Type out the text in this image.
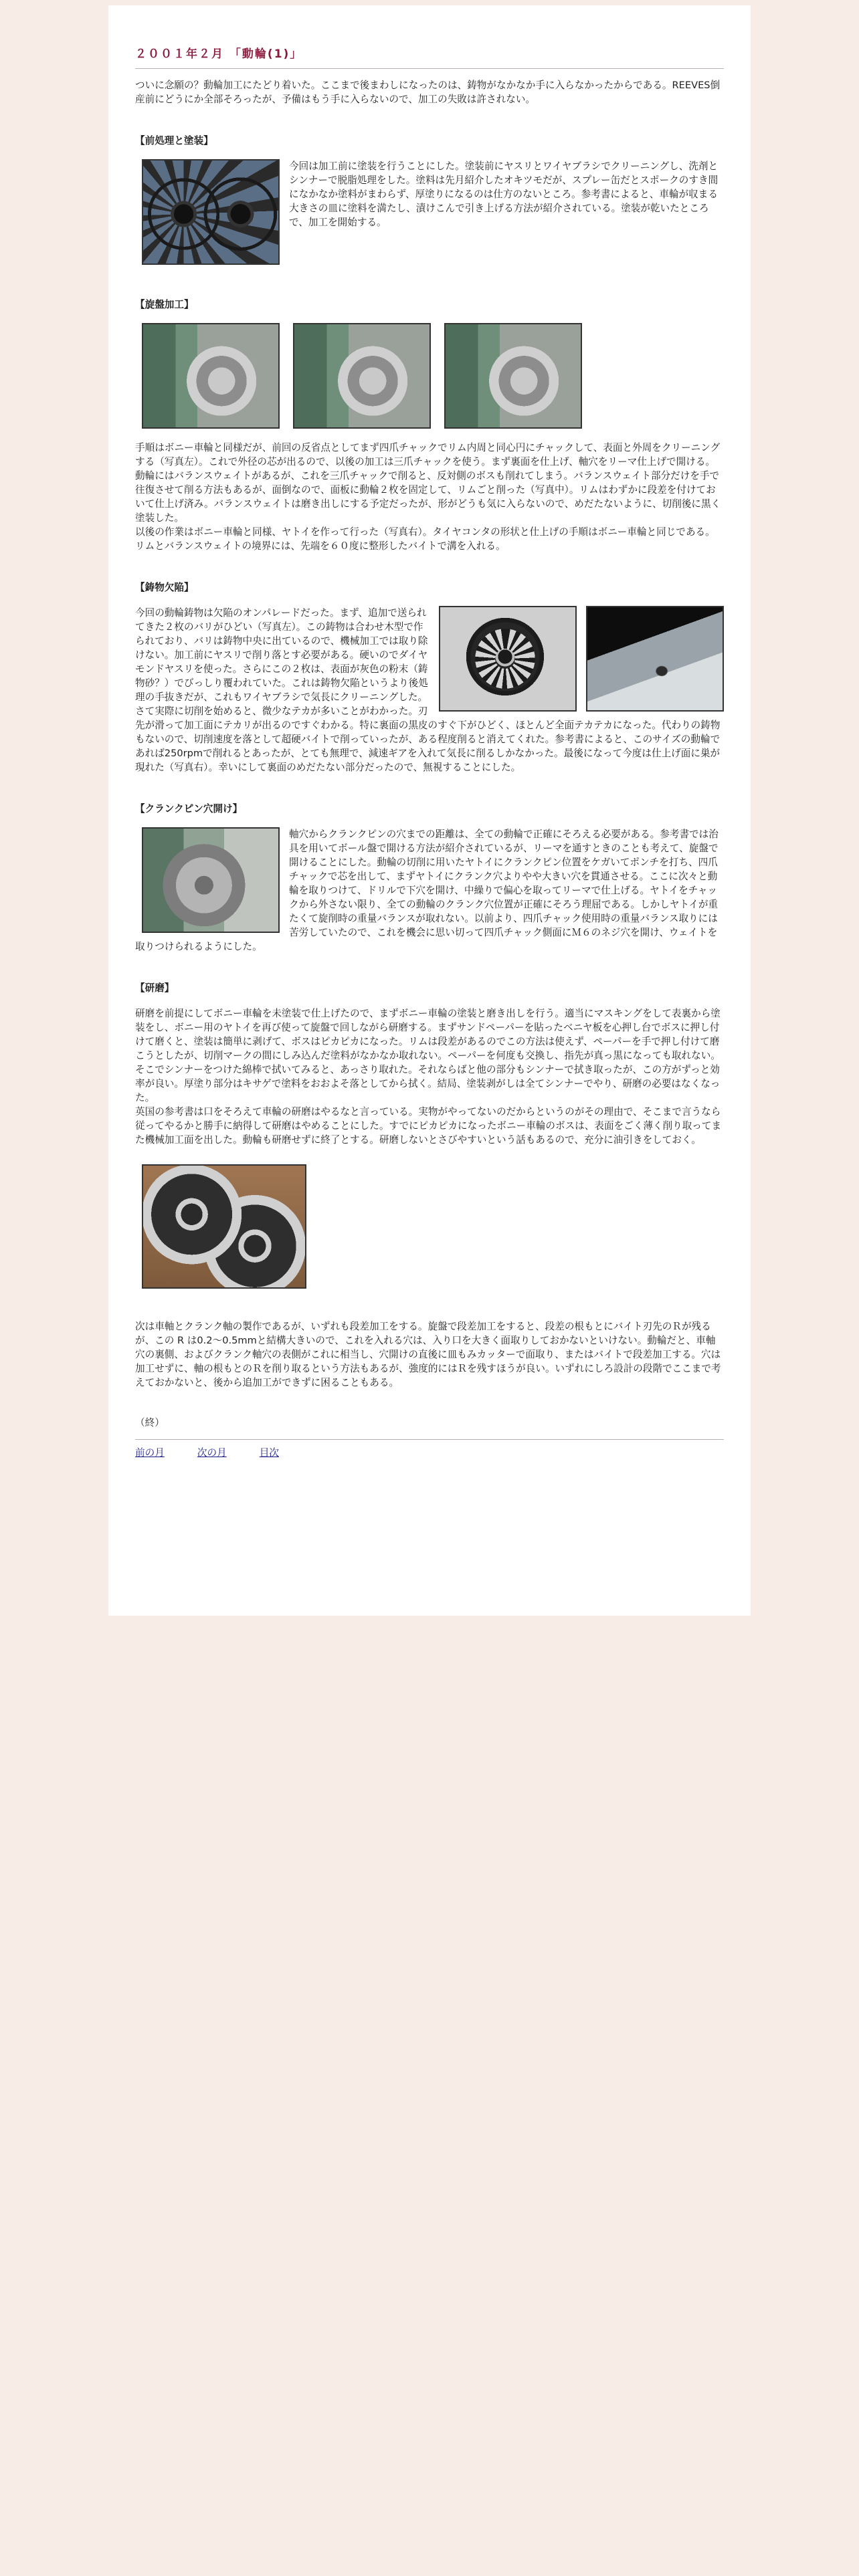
２００１年２月 「動輪(1)」

ついに念願の？動輪加工にたどり着いた。ここまで後まわしになったのは、鋳物がなかなか手に入らなかったからである。REEVES倒産前にどうにか全部そろったが、予備はもう手に入らないので、加工の失敗は許されない。

【前処理と塗装】

今回は加工前に塗装を行うことにした。塗装前にヤスリとワイヤブラシでクリーニングし、洗剤とシンナーで脱脂処理をした。塗料は先月紹介したオキツモだが、スプレー缶だとスポークのすき間になかなか塗料がまわらず、厚塗りになるのは仕方のないところ。参考書によると、車輪が収まる大きさの皿に塗料を満たし、漬けこんで引き上げる方法が紹介されている。塗装が乾いたところで、加工を開始する。

【旋盤加工】

手順はボニー車輪と同様だが、前回の反省点としてまず四爪チャックでリム内周と同心円にチャックして、表面と外周をクリーニングする（写真左）。これで外径の芯が出るので、以後の加工は三爪チャックを使う。まず裏面を仕上げ、軸穴をリーマ仕上げで開ける。
動輪にはバランスウェイトがあるが、これを三爪チャックで削ると、反対側のボスも削れてしまう。バランスウェイト部分だけを手で往復させて削る方法もあるが、面倒なので、面板に動輪２枚を固定して、リムごと削った（写真中）。リムはわずかに段差を付けておいて仕上げ済み。バランスウェイトは磨き出しにする予定だったが、形がどうも気に入らないので、めだたないように、切削後に黒く塗装した。
以後の作業はボニー車輪と同様、ヤトイを作って行った（写真右）。タイヤコンタの形状と仕上げの手順はボニー車輪と同じである。リムとバランスウェイトの境界には、先端を６０度に整形したバイトで溝を入れる。

【鋳物欠陥】

今回の動輪鋳物は欠陥のオンパレードだった。まず、追加で送られてきた２枚のバリがひどい（写真左）。この鋳物は合わせ木型で作られており、バリは鋳物中央に出ているので、機械加工では取り除けない。加工前にヤスリで削り落とす必要がある。硬いのでダイヤモンドヤスリを使った。さらにこの２枚は、表面が灰色の粉末（鋳物砂？）でびっしり覆われていた。これは鋳物欠陥というより後処理の手抜きだが、これもワイヤブラシで気長にクリーニングした。さて実際に切削を始めると、微少なテカが多いことがわかった。刃先が滑って加工面にテカリが出るのですぐわかる。特に裏面の黒皮のすぐ下がひどく、ほとんど全面テカテカになった。代わりの鋳物もないので、切削速度を落として超硬バイトで削っていったが、ある程度削ると消えてくれた。参考書によると、このサイズの動輪であれば250rpmで削れるとあったが、とても無理で、減速ギアを入れて気長に削るしかなかった。最後になって今度は仕上げ面に巣が現れた（写真右）。幸いにして裏面のめだたない部分だったので、無視することにした。

【クランクピン穴開け】

軸穴からクランクピンの穴までの距離は、全ての動輪で正確にそろえる必要がある。参考書では治具を用いてボール盤で開ける方法が紹介されているが、リーマを通すときのことも考えて、旋盤で開けることにした。動輪の切削に用いたヤトイにクランクピン位置をケガいてポンチを打ち、四爪チャックで芯を出して、まずヤトイにクランク穴よりやや大きい穴を貫通させる。ここに次々と動輪を取りつけて、ドリルで下穴を開け、中繰りで偏心を取ってリーマで仕上げる。ヤトイをチャックから外さない限り、全ての動輪のクランク穴位置が正確にそろう理屈である。しかしヤトイが重たくて旋削時の重量バランスが取れない。以前より、四爪チャック使用時の重量バランス取りには苦労していたので、これを機会に思い切って四爪チャック側面にＭ６のネジ穴を開け、ウェイトを取りつけられるようにした。

【研磨】

研磨を前提にしてボニー車輪を未塗装で仕上げたので、まずボニー車輪の塗装と磨き出しを行う。適当にマスキングをして表裏から塗装をし、ボニー用のヤトイを再び使って旋盤で回しながら研磨する。まずサンドペーパーを貼ったベニヤ板を心押し台でボスに押し付けて磨くと、塗装は簡単に剥げて、ボスはピカピカになった。リムは段差があるのでこの方法は使えず、ペーパーを手で押し付けて磨こうとしたが、切削マークの間にしみ込んだ塗料がなかなか取れない。ペーパーを何度も交換し、指先が真っ黒になっても取れない。そこでシンナーをつけた綿棒で拭いてみると、あっさり取れた。それならばと他の部分もシンナーで拭き取ったが、この方がずっと効率が良い。厚塗り部分はキサゲで塗料をおおよそ落としてから拭く。結局、塗装剥がしは全てシンナーでやり、研磨の必要はなくなった。
英国の参考書は口をそろえて車輪の研磨はやるなと言っている。実物がやってないのだからというのがその理由で、そこまで言うなら従ってやるかと勝手に納得して研磨はやめることにした。すでにピカピカになったボニー車輪のボスは、表面をごく薄く削り取ってまた機械加工面を出した。動輪も研磨せずに終了とする。研磨しないとさびやすいという話もあるので、充分に油引きをしておく。

次は車軸とクランク軸の製作であるが、いずれも段差加工をする。旋盤で段差加工をすると、段差の根もとにバイト刃先のＲが残るが、この R は0.2〜0.5mmと結構大きいので、これを入れる穴は、入り口を大きく面取りしておかないといけない。動輪だと、車軸穴の裏側、およびクランク軸穴の表側がこれに相当し、穴開けの直後に皿もみカッターで面取り、またはバイトで段差加工する。穴は加工せずに、軸の根もとのＲを削り取るという方法もあるが、強度的にはＲを残すほうが良い。いずれにしろ設計の段階でここまで考えておかないと、後から追加工ができずに困ることもある。

（終）
前の月	次の月	目次
